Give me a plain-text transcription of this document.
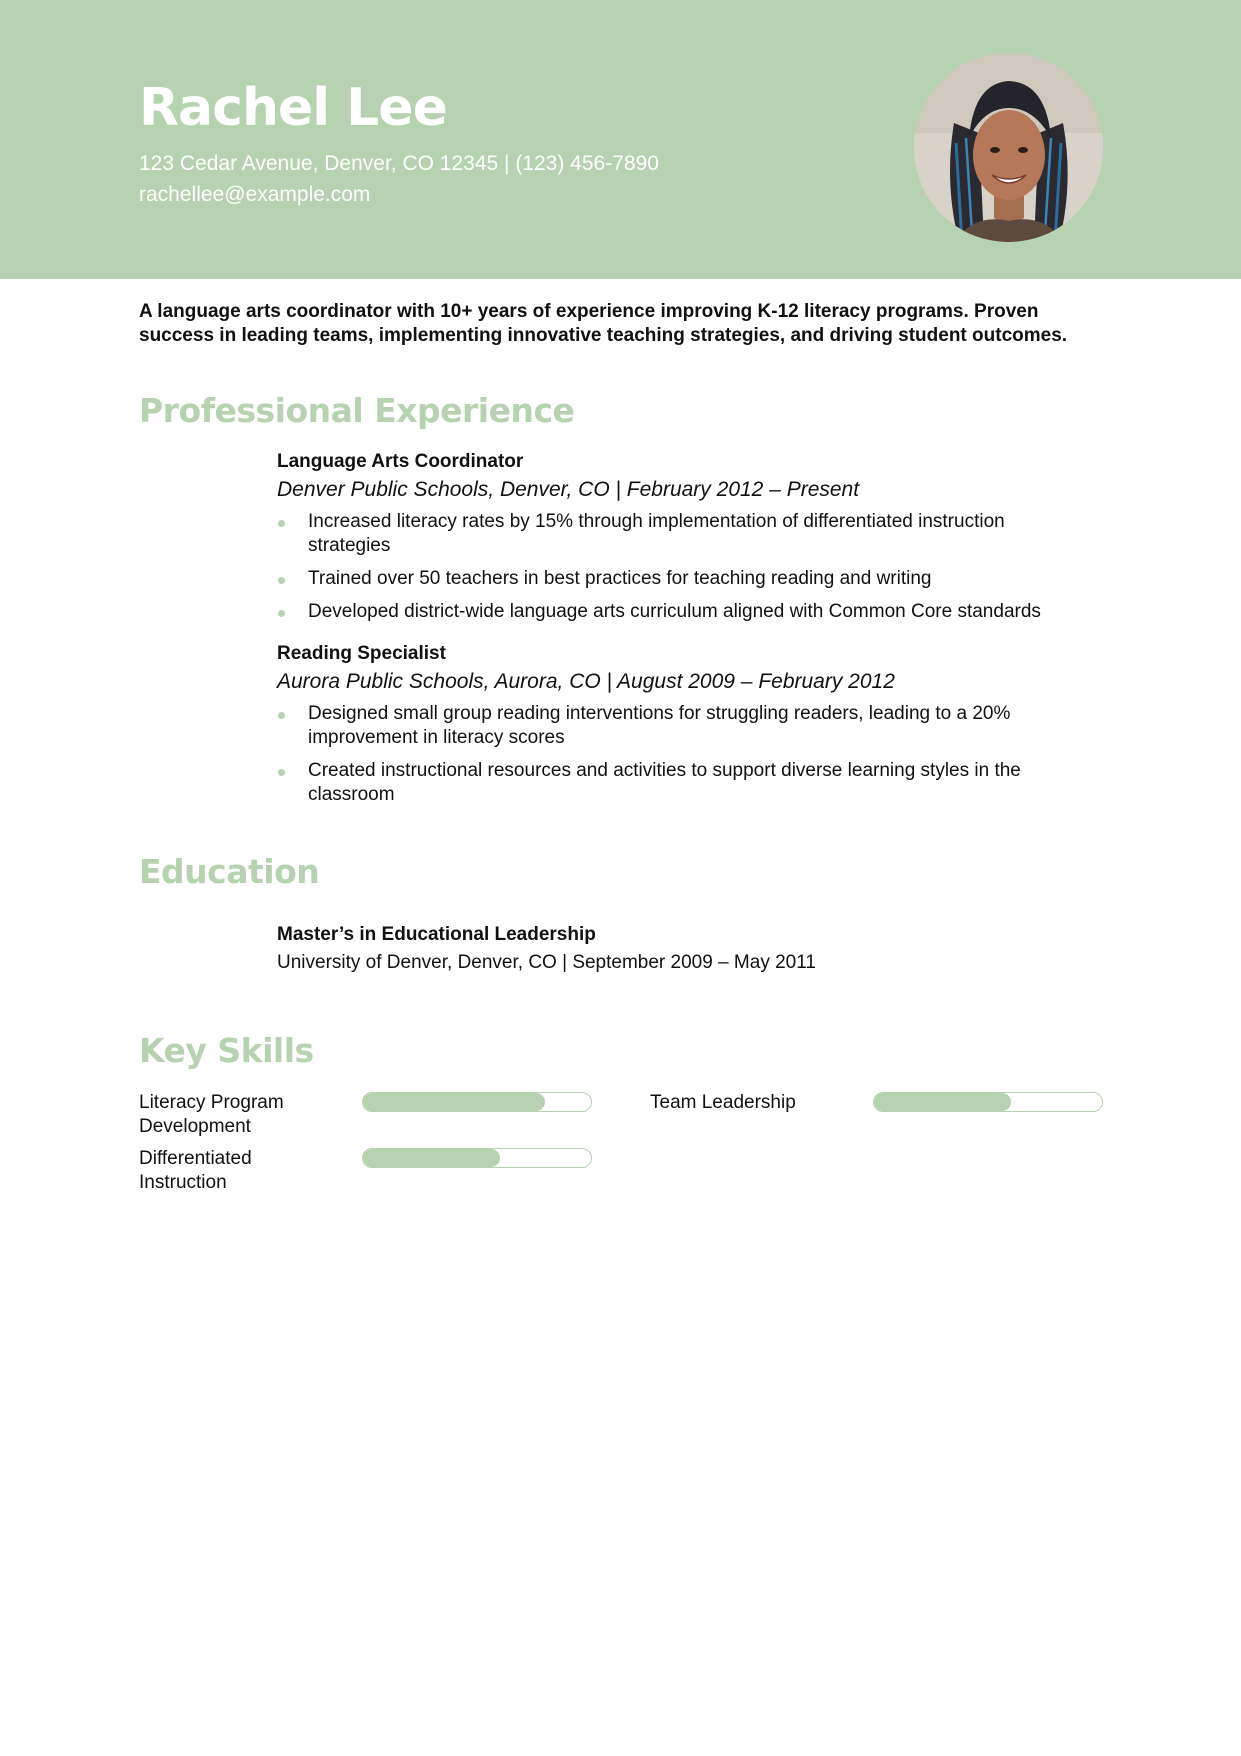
Rachel Lee
123 Cedar Avenue, Denver, CO 12345 | (123) 456-7890
rachellee@example.com
A language arts coordinator with 10+ years of experience improving K-12 literacy programs. Proven success in leading teams, implementing innovative teaching strategies, and driving student outcomes.
Professional Experience
Language Arts Coordinator
Denver Public Schools, Denver, CO | February 2012 – Present
Increased literacy rates by 15% through implementation of differentiated instruction strategies
Trained over 50 teachers in best practices for teaching reading and writing
Developed district-wide language arts curriculum aligned with Common Core standards
Reading Specialist
Aurora Public Schools, Aurora, CO | August 2009 – February 2012
Designed small group reading interventions for struggling readers, leading to a 20% improvement in literacy scores
Created instructional resources and activities to support diverse learning styles in the classroom
Education
Master’s in Educational Leadership
University of Denver, Denver, CO | September 2009 – May 2011
Key Skills
Literacy Program Development
Team Leadership
Differentiated Instruction
